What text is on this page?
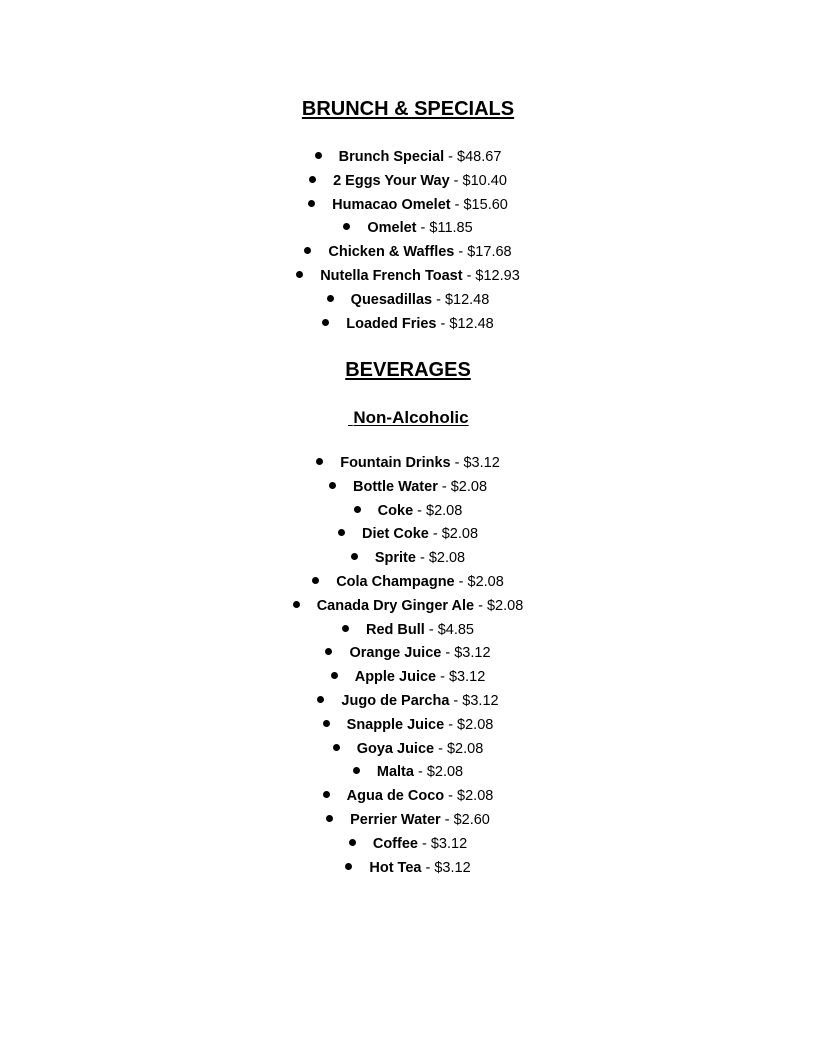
BRUNCH & SPECIALS
Brunch Special - $48.67
2 Eggs Your Way - $10.40
Humacao Omelet - $15.60
Omelet - $11.85
Chicken & Waffles - $17.68
Nutella French Toast - $12.93
Quesadillas - $12.48
Loaded Fries - $12.48
BEVERAGES
Non-Alcoholic
Fountain Drinks - $3.12
Bottle Water - $2.08
Coke - $2.08
Diet Coke - $2.08
Sprite - $2.08
Cola Champagne - $2.08
Canada Dry Ginger Ale - $2.08
Red Bull - $4.85
Orange Juice - $3.12
Apple Juice - $3.12
Jugo de Parcha - $3.12
Snapple Juice - $2.08
Goya Juice - $2.08
Malta - $2.08
Agua de Coco - $2.08
Perrier Water - $2.60
Coffee - $3.12
Hot Tea - $3.12
